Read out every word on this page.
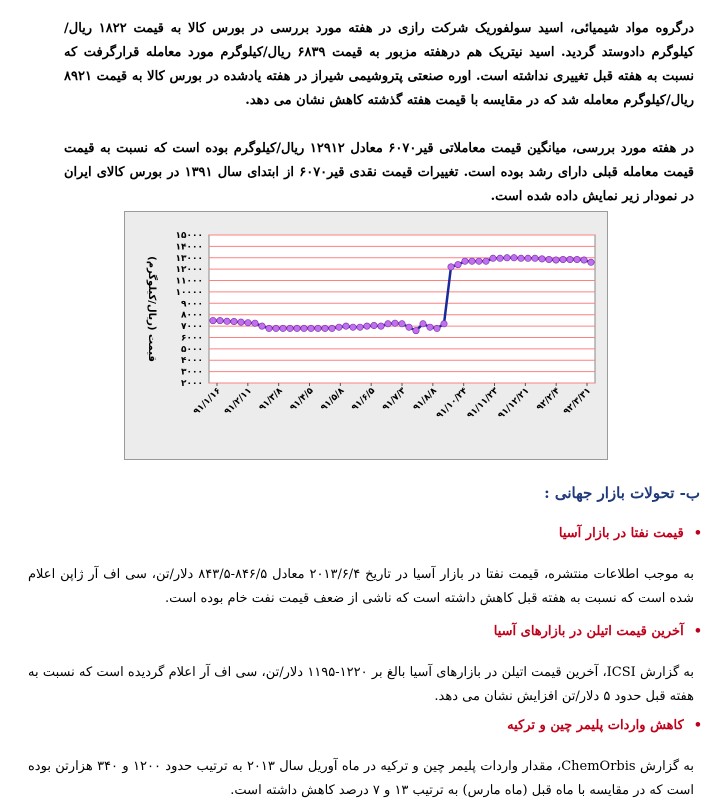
درگروه مواد شیمیائی، اسید سولفوریک شرکت رازی در هفته مورد بررسی در بورس کالا به قیمت ۱۸۲۲ ریال/کیلوگرم دادوستد گردید. اسید نیتریک هم درهفته مزبور به قیمت ۶۸۳۹ ریال/کیلوگرم مورد معامله قرارگرفت که نسبت به هفته قبل تغییری نداشته است. اوره صنعتی پتروشیمی شیراز در هفته یادشده در بورس کالا به قیمت ۸۹۲۱ ریال/کیلوگرم معامله شد که در مقایسه با قیمت هفته گذشته کاهش نشان می دهد.

در هفته مورد بررسی، میانگین قیمت معاملاتی قیر۶۰۷۰ معادل ۱۲۹۱۲ ریال/کیلوگرم بوده است که نسبت به قیمت قیمت معامله قبلی دارای رشد بوده است. تغییرات قیمت نقدی قیر۶۰۷۰ از ابتدای سال ۱۳۹۱ در بورس کالای ایران در نمودار زیر نمایش داده شده است.

۲۰۰۰
۳۰۰۰
۴۰۰۰
۵۰۰۰
۶۰۰۰
۷۰۰۰
۸۰۰۰
۹۰۰۰
۱۰۰۰۰
۱۱۰۰۰
۱۲۰۰۰
۱۳۰۰۰
۱۴۰۰۰
۱۵۰۰۰
قیمت (ریال/کیلوگرم)
۹۱/۱/۱۶ ۹۱/۲/۱۱ ۹۱/۳/۸ ۹۱/۴/۵ ۹۱/۵/۸ ۹۱/۶/۵ ۹۱/۷/۳ ۹۱/۸/۸
۹۱/۱۰/۲۴
۹۱/۱۱/۲۳
۹۱/۱۲/۲۱ ۹۲/۲/۴ ۹۲/۳/۳۱
ب- تحولات بازار جهانی :
•قیمت نفتا در بازار آسیا

به موجب اطلاعات منتشره، قیمت نفتا در بازار آسیا در تاریخ ۲۰۱۳/۶/۴ معادل ۸۴۶/۵-۸۴۳/۵ دلار/تن، سی اف آر ژاپن اعلام شده است که نسبت به هفته قبل کاهش داشته است که ناشی از ضعف قیمت نفت خام بوده است.

•آخرین قیمت اتیلن در بازارهای آسیا

به گزارش ICSI، آخرین قیمت اتیلن در بازارهای آسیا بالغ بر ۱۲۲۰-۱۱۹۵ دلار/تن، سی اف آر اعلام گردیده است که نسبت به هفته قبل حدود ۵ دلار/تن افزایش نشان می دهد.

•کاهش واردات پلیمر چین و ترکیه

به گزارش ChemOrbis، مقدار واردات پلیمر چین و ترکیه در ماه آوریل سال ۲۰۱۳ به ترتیب حدود ۱۲۰۰ و ۳۴۰ هزارتن بوده است که در مقایسه با ماه قبل (ماه مارس) به ترتیب ۱۳ و ۷ درصد کاهش داشته است.
